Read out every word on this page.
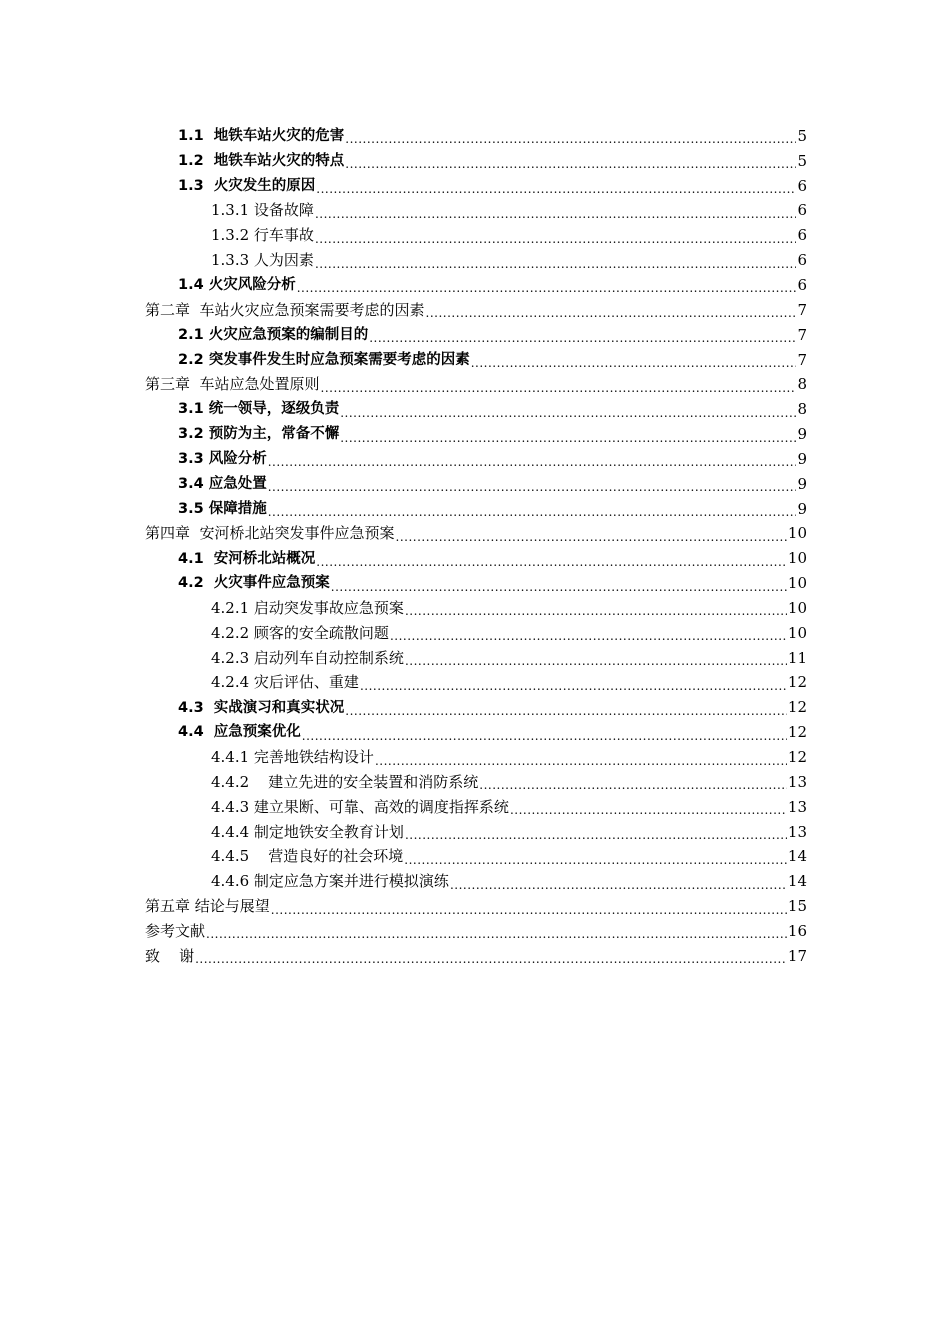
1.1  地铁车站火灾的危害 .....	5
1.2  地铁车站火灾的特点 .....	5
1.3  火灾发生的原因 .....	6
1.3.1 设备故障 .....	6
1.3.2 行车事故 .....	6
1.3.3 人为因素 .....	6
1.4 火灾风险分析 .....	6
第二章  车站火灾应急预案需要考虑的因素 .....	7
2.1 火灾应急预案的编制目的 .....	7
2.2 突发事件发生时应急预案需要考虑的因素 .....	7
第三章  车站应急处置原则 .....	8
3.1 统一领导，逐级负责 .....	8
3.2 预防为主，常备不懈 .....	9
3.3 风险分析 .....	9
3.4 应急处置 .....	9
3.5 保障措施 .....	9
第四章  安河桥北站突发事件应急预案 .....	10
4.1  安河桥北站概况 .....	10
4.2  火灾事件应急预案 .....	10
4.2.1 启动突发事故应急预案 .....	10
4.2.2 顾客的安全疏散问题 .....	10
4.2.3 启动列车自动控制系统 .....	11
4.2.4 灾后评估、重建 .....	12
4.3  实战演习和真实状况 .....	12
4.4  应急预案优化 .....	12
4.4.1 完善地铁结构设计 .....	12
4.4.2    建立先进的安全装置和消防系统 .....	13
4.4.3 建立果断、可靠、高效的调度指挥系统 .....	13
4.4.4 制定地铁安全教育计划 .....	13
4.4.5    营造良好的社会环境 .....	14
4.4.6 制定应急方案并进行模拟演练 .....	14
第五章 结论与展望 .....	15
参考文献 .....	16
致    谢 .....	17
